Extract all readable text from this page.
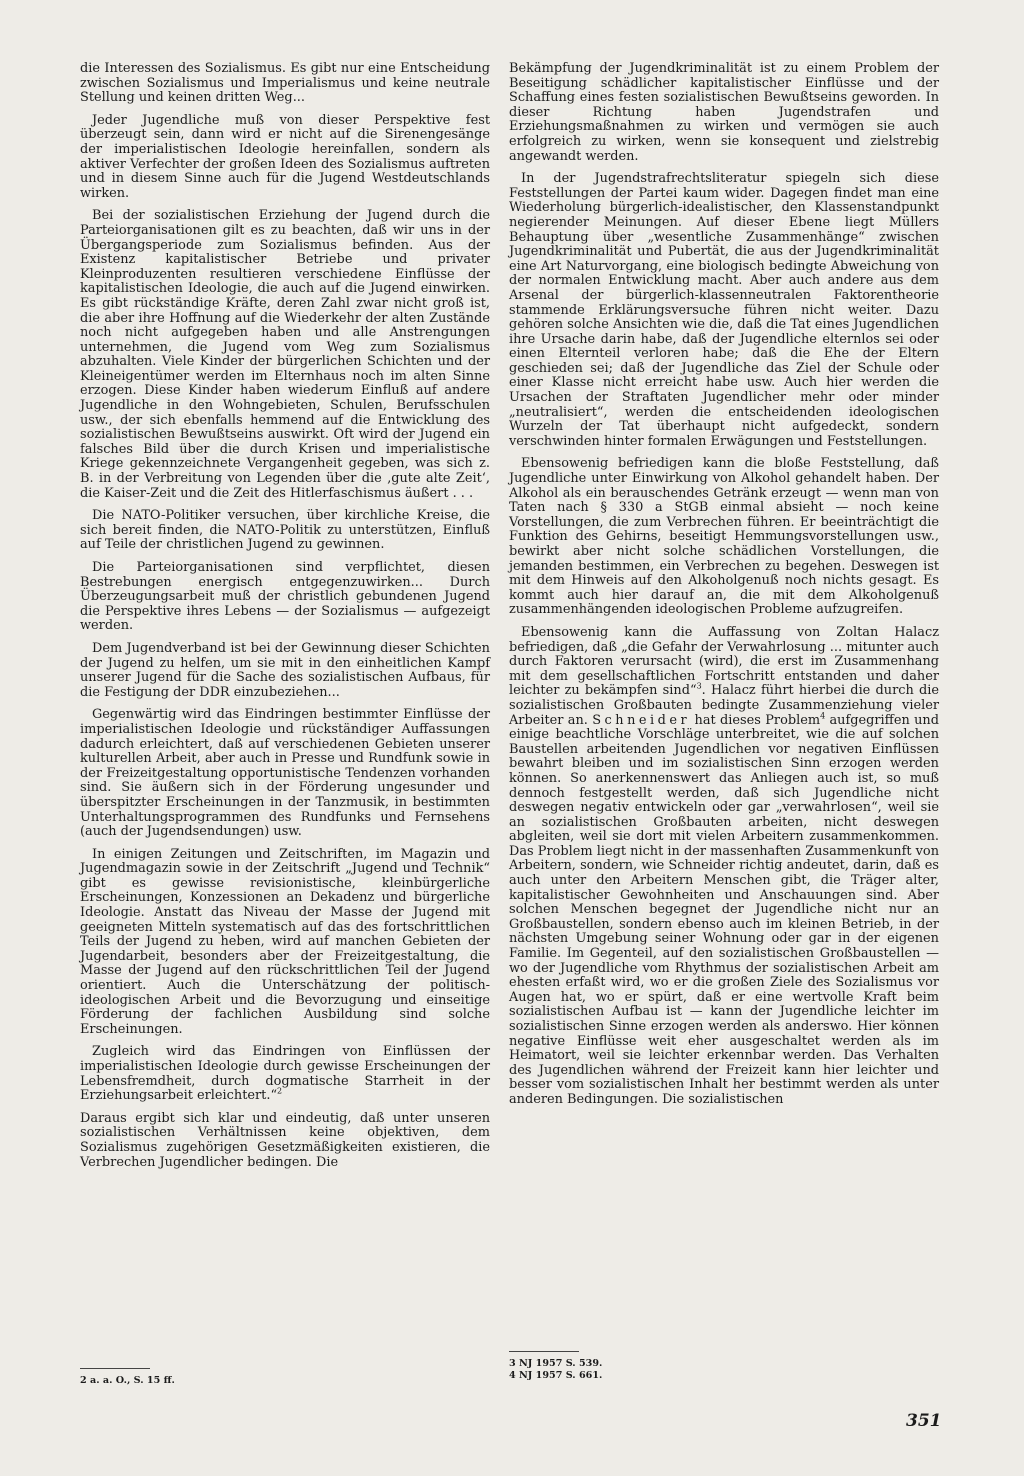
die Interessen des Sozialismus. Es gibt nur eine Entscheidung zwischen Sozialismus und Imperialismus und keine neutrale Stellung und keinen dritten Weg...

Jeder Jugendliche muß von dieser Perspektive fest überzeugt sein, dann wird er nicht auf die Sirenengesänge der imperialistischen Ideologie hereinfallen, sondern als aktiver Verfechter der großen Ideen des Sozialismus auftreten und in diesem Sinne auch für die Jugend Westdeutschlands wirken.

Bei der sozialistischen Erziehung der Jugend durch die Parteiorganisationen gilt es zu beachten, daß wir uns in der Übergangsperiode zum Sozialismus befinden. Aus der Existenz kapitalistischer Betriebe und privater Kleinproduzenten resultieren verschiedene Einflüsse der kapitalistischen Ideologie, die auch auf die Jugend einwirken. Es gibt rückständige Kräfte, deren Zahl zwar nicht groß ist, die aber ihre Hoffnung auf die Wiederkehr der alten Zustände noch nicht aufgegeben haben und alle Anstrengungen unternehmen, die Jugend vom Weg zum Sozialismus abzuhalten. Viele Kinder der bürgerlichen Schichten und der Kleineigentümer werden im Elternhaus noch im alten Sinne erzogen. Diese Kinder haben wiederum Einfluß auf andere Jugendliche in den Wohngebieten, Schulen, Berufsschulen usw., der sich ebenfalls hemmend auf die Entwicklung des sozialistischen Bewußtseins auswirkt. Oft wird der Jugend ein falsches Bild über die durch Krisen und imperialistische Kriege gekennzeichnete Vergangenheit gegeben, was sich z. B. in der Verbreitung von Legenden über die ‚gute alte Zeit‘, die Kaiser-Zeit und die Zeit des Hitlerfaschismus äußert . . .

Die NATO-Politiker versuchen, über kirchliche Kreise, die sich bereit finden, die NATO-Politik zu unterstützen, Einfluß auf Teile der christlichen Jugend zu gewinnen.

Die Parteiorganisationen sind verpflichtet, diesen Bestrebungen energisch entgegenzuwirken... Durch Überzeugungsarbeit muß der christlich gebundenen Jugend die Perspektive ihres Lebens — der Sozialismus — aufgezeigt werden.

Dem Jugendverband ist bei der Gewinnung dieser Schichten der Jugend zu helfen, um sie mit in den einheitlichen Kampf unserer Jugend für die Sache des sozialistischen Aufbaus, für die Festigung der DDR einzubeziehen...

Gegenwärtig wird das Eindringen bestimmter Einflüsse der imperialistischen Ideologie und rückständiger Auffassungen dadurch erleichtert, daß auf verschiedenen Gebieten unserer kulturellen Arbeit, aber auch in Presse und Rundfunk sowie in der Freizeitgestaltung opportunistische Tendenzen vorhanden sind. Sie äußern sich in der Förderung ungesunder und überspitzter Erscheinungen in der Tanzmusik, in bestimmten Unterhaltungsprogrammen des Rundfunks und Fernsehens (auch der Jugendsendungen) usw.

In einigen Zeitungen und Zeitschriften, im Magazin und Jugendmagazin sowie in der Zeitschrift „Jugend und Technik“ gibt es gewisse revisionistische, kleinbürgerliche Erscheinungen, Konzessionen an Dekadenz und bürgerliche Ideologie. Anstatt das Niveau der Masse der Jugend mit geeigneten Mitteln systematisch auf das des fortschrittlichen Teils der Jugend zu heben, wird auf manchen Gebieten der Jugendarbeit, besonders aber der Freizeitgestaltung, die Masse der Jugend auf den rückschrittlichen Teil der Jugend orientiert. Auch die Unterschätzung der politisch-ideologischen Arbeit und die Bevorzugung und einseitige Förderung der fachlichen Ausbildung sind solche Erscheinungen.

Zugleich wird das Eindringen von Einflüssen der imperialistischen Ideologie durch gewisse Erscheinungen der Lebensfremdheit, durch dogmatische Starrheit in der Erziehungsarbeit erleichtert.“$^2$

Daraus ergibt sich klar und eindeutig, daß unter unseren sozialistischen Verhältnissen keine objektiven, dem Sozialismus zugehörigen Gesetzmäßigkeiten existieren, die Verbrechen Jugendlicher bedingen. Die

Bekämpfung der Jugendkriminalität ist zu einem Problem der Beseitigung schädlicher kapitalistischer Einflüsse und der Schaffung eines festen sozialistischen Bewußtseins geworden. In dieser Richtung haben Jugendstrafen und Erziehungsmaßnahmen zu wirken und vermögen sie auch erfolgreich zu wirken, wenn sie konsequent und zielstrebig angewandt werden.

In der Jugendstrafrechtsliteratur spiegeln sich diese Feststellungen der Partei kaum wider. Dagegen findet man eine Wiederholung bürgerlich-idealistischer, den Klassenstandpunkt negierender Meinungen. Auf dieser Ebene liegt Müllers Behauptung über „wesentliche Zusammenhänge“ zwischen Jugendkriminalität und Pubertät, die aus der Jugendkriminalität eine Art Naturvorgang, eine biologisch bedingte Abweichung von der normalen Entwicklung macht. Aber auch andere aus dem Arsenal der bürgerlich-klassenneutralen Faktorentheorie stammende Erklärungsversuche führen nicht weiter. Dazu gehören solche Ansichten wie die, daß die Tat eines Jugendlichen ihre Ursache darin habe, daß der Jugendliche elternlos sei oder einen Elternteil verloren habe; daß die Ehe der Eltern geschieden sei; daß der Jugendliche das Ziel der Schule oder einer Klasse nicht erreicht habe usw. Auch hier werden die Ursachen der Straftaten Jugendlicher mehr oder minder „neutralisiert“, werden die entscheidenden ideologischen Wurzeln der Tat überhaupt nicht aufgedeckt, sondern verschwinden hinter formalen Erwägungen und Feststellungen.

Ebensowenig befriedigen kann die bloße Feststellung, daß Jugendliche unter Einwirkung von Alkohol gehandelt haben. Der Alkohol als ein berauschendes Getränk erzeugt — wenn man von Taten nach § 330 a StGB einmal absieht — noch keine Vorstellungen, die zum Verbrechen führen. Er beeinträchtigt die Funktion des Gehirns, beseitigt Hemmungsvorstellungen usw., bewirkt aber nicht solche schädlichen Vorstellungen, die jemanden bestimmen, ein Verbrechen zu begehen. Deswegen ist mit dem Hinweis auf den Alkoholgenuß noch nichts gesagt. Es kommt auch hier darauf an, die mit dem Alkoholgenuß zusammenhängenden ideologischen Probleme aufzugreifen.

Ebensowenig kann die Auffassung von Zoltan Halacz befriedigen, daß „die Gefahr der Verwahrlosung ... mitunter auch durch Faktoren verursacht (wird), die erst im Zusammenhang mit dem gesellschaftlichen Fortschritt entstanden und daher leichter zu bekämpfen sind“$^3$. Halacz führt hierbei die durch die sozialistischen Großbauten bedingte Zusammenziehung vieler Arbeiter an. Schneider hat dieses Problem$^4$ aufgegriffen und einige beachtliche Vorschläge unterbreitet, wie die auf solchen Baustellen arbeitenden Jugendlichen vor negativen Einflüssen bewahrt bleiben und im sozialistischen Sinn erzogen werden können. So anerkennenswert das Anliegen auch ist, so muß dennoch festgestellt werden, daß sich Jugendliche nicht deswegen negativ entwickeln oder gar „verwahrlosen“, weil sie an sozialistischen Großbauten arbeiten, nicht deswegen abgleiten, weil sie dort mit vielen Arbeitern zusammenkommen. Das Problem liegt nicht in der massenhaften Zusammenkunft von Arbeitern, sondern, wie Schneider richtig andeutet, darin, daß es auch unter den Arbeitern Menschen gibt, die Träger alter, kapitalistischer Gewohnheiten und Anschauungen sind. Aber solchen Menschen begegnet der Jugendliche nicht nur an Großbaustellen, sondern ebenso auch im kleinen Betrieb, in der nächsten Umgebung seiner Wohnung oder gar in der eigenen Familie. Im Gegenteil, auf den sozialistischen Großbaustellen — wo der Jugendliche vom Rhythmus der sozialistischen Arbeit am ehesten erfaßt wird, wo er die großen Ziele des Sozialismus vor Augen hat, wo er spürt, daß er eine wertvolle Kraft beim sozialistischen Aufbau ist — kann der Jugendliche leichter im sozialistischen Sinne erzogen werden als anderswo. Hier können negative Einflüsse weit eher ausgeschaltet werden als im Heimatort, weil sie leichter erkennbar werden. Das Verhalten des Jugendlichen während der Freizeit kann hier leichter und besser vom sozialistischen Inhalt her bestimmt werden als unter anderen Bedingungen. Die sozialistischen

2 a. a. O., S. 15 ff.

3 NJ 1957 S. 539.

4 NJ 1957 S. 661.

351
